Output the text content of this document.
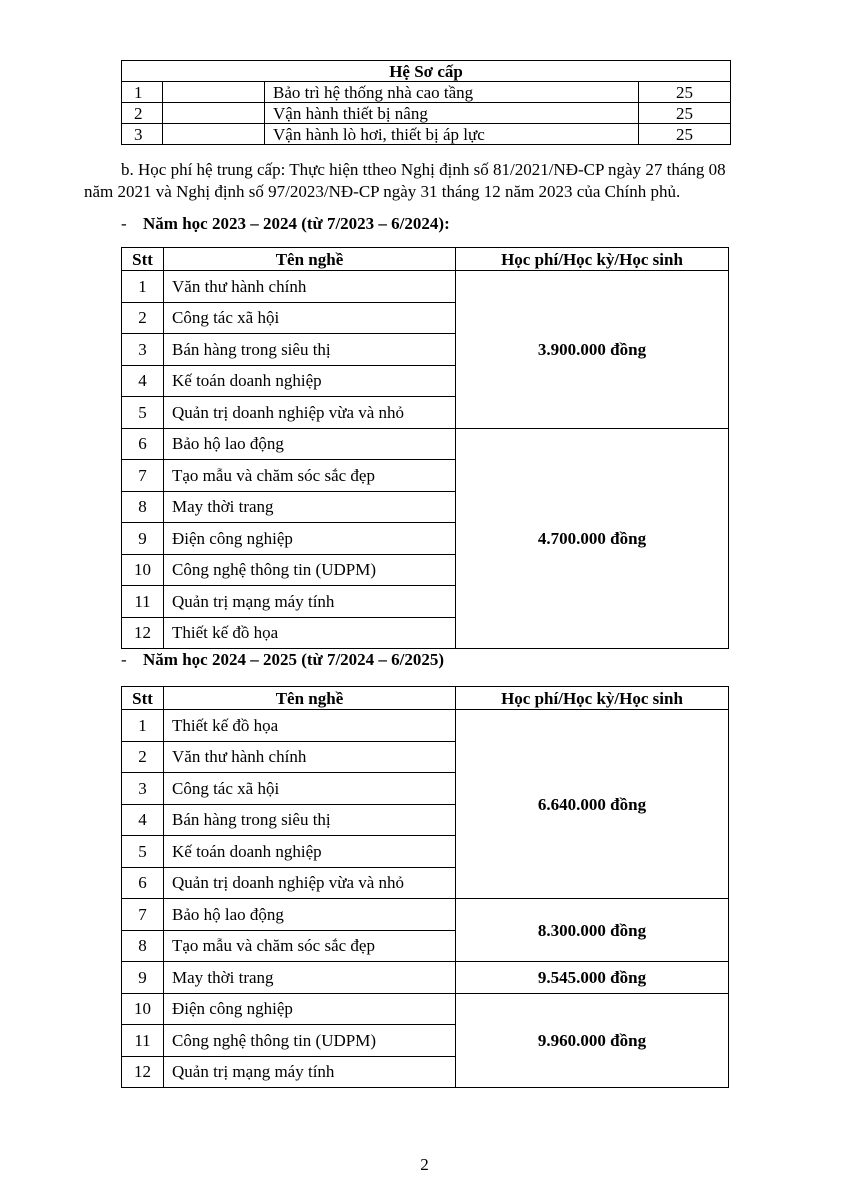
Hệ Sơ cấp			
1		Bảo trì hệ thống nhà cao tầng	25
2		Vận hành thiết bị nâng	25
3		Vận hành lò hơi, thiết bị áp lực	25
b. Học phí hệ trung cấp: Thực hiện ttheo Nghị định số 81/2021/NĐ-CP ngày 27 tháng 08
năm 2021 và Nghị định số 97/2023/NĐ-CP ngày 31 tháng 12 năm 2023 của Chính phủ.
- Năm học 2023 – 2024 (từ 7/2023 – 6/2024):
Stt	Tên nghề	Học phí/Học kỳ/Học sinh
1	Văn thư hành chính	3.900.000 đồng
2	Công tác xã hội	
3	Bán hàng trong siêu thị	
4	Kế toán doanh nghiệp	
5	Quản trị doanh nghiệp vừa và nhỏ	
6	Bảo hộ lao động	4.700.000 đồng
7	Tạo mẫu và chăm sóc sắc đẹp	
8	May thời trang	
9	Điện công nghiệp	
10	Công nghệ thông tin (UDPM)	
11	Quản trị mạng máy tính	
12	Thiết kế đồ họa	
- Năm học 2024 – 2025 (từ 7/2024 – 6/2025)
Stt	Tên nghề	Học phí/Học kỳ/Học sinh
1	Thiết kế đồ họa	6.640.000 đồng
2	Văn thư hành chính	
3	Công tác xã hội	
4	Bán hàng trong siêu thị	
5	Kế toán doanh nghiệp	
6	Quản trị doanh nghiệp vừa và nhỏ	
7	Bảo hộ lao động	8.300.000 đồng
8	Tạo mẫu và chăm sóc sắc đẹp	
9	May thời trang	9.545.000 đồng
10	Điện công nghiệp	9.960.000 đồng
11	Công nghệ thông tin (UDPM)	
12	Quản trị mạng máy tính	
2
